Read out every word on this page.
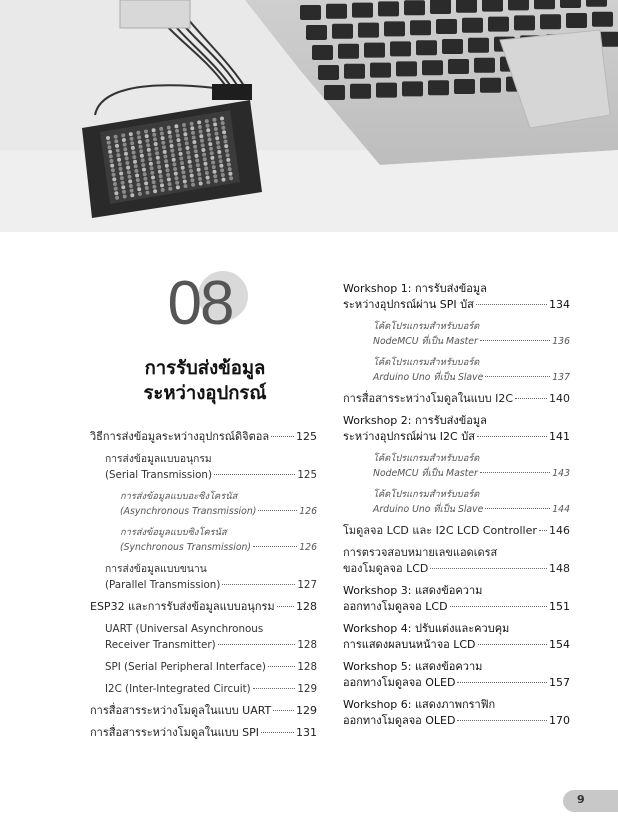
08
การรับส่งข้อมูล
ระหว่างอุปกรณ์
วิธีการส่งข้อมูลระหว่างอุปกรณ์ดิจิตอล 125
การส่งข้อมูลแบบอนุกรม
(Serial Transmission)	125
การส่งข้อมูลแบบอะซิงโครนัส
(Asynchronous Transmission)	126
การส่งข้อมูลแบบซิงโครนัส
(Synchronous Transmission)	126
การส่งข้อมูลแบบขนาน
(Parallel Transmission)	127
ESP32 และการรับส่งข้อมูลแบบอนุกรม 128
UART (Universal Asynchronous
Receiver Transmitter)	128
SPI (Serial Peripheral Interface)	128
I2C (Inter-Integrated Circuit)	129
การสื่อสารระหว่างโมดูลในแบบ UART 129
การสื่อสารระหว่างโมดูลในแบบ SPI	131
Workshop 1: การรับส่งข้อมูล
ระหว่างอุปกรณ์ผ่าน SPI บัส	134
โค้ดโปรแกรมสำหรับบอร์ด
NodeMCU ที่เป็น Master	136
โค้ดโปรแกรมสำหรับบอร์ด
Arduino Uno ที่เป็น Slave	137
การสื่อสารระหว่างโมดูลในแบบ I2C	140
Workshop 2: การรับส่งข้อมูล
ระหว่างอุปกรณ์ผ่าน I2C บัส	141
โค้ดโปรแกรมสำหรับบอร์ด
NodeMCU ที่เป็น Master	143
โค้ดโปรแกรมสำหรับบอร์ด
Arduino Uno ที่เป็น Slave	144
โมดูลจอ LCD และ I2C LCD Controller 146
การตรวจสอบหมายเลขแอดเดรส
ของโมดูลจอ LCD	148
Workshop 3: แสดงข้อความ
ออกทางโมดูลจอ LCD	151
Workshop 4: ปรับแต่งและควบคุม
การแสดงผลบนหน้าจอ LCD	154
Workshop 5: แสดงข้อความ
ออกทางโมดูลจอ OLED	157
Workshop 6: แสดงภาพกราฟิก
ออกทางโมดูลจอ OLED	170
9
